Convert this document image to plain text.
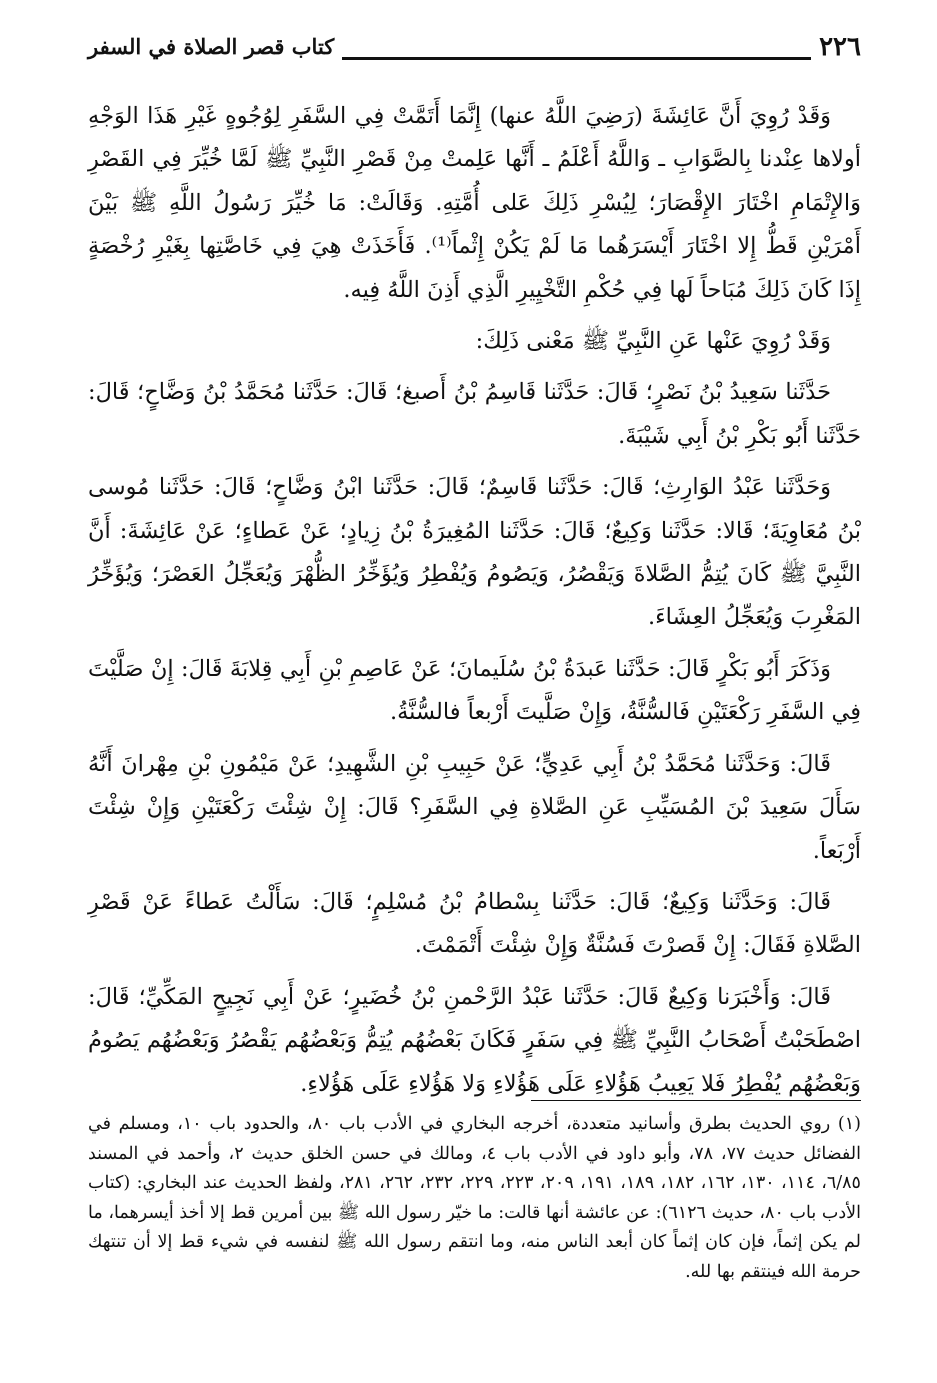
٢٢٦
كتاب قصر الصلاة في السفر

وَقَدْ رُوِيَ أَنَّ عَائِشَةَ (رَضِيَ اللَّهُ عنها) إِنَّمَا أَتَمَّتْ فِي السَّفَرِ لِوُجُوهٍ غَيْرِ هَذَا الوَجْهِ أولاها عِنْدنا بِالصَّوَابِ ـ وَاللَّهُ أَعْلَمُ ـ أَنَّها عَلِمتْ مِنْ قَصْرِ النَّبِيِّ ﷺ لَمَّا خُيِّرَ فِي القَصْرِ وَالإِتْمَامِ اخْتَارَ الإِقْصَارَ؛ لِيُسْرِ ذَلِكَ عَلى أُمَّتِهِ. وَقَالَتْ: مَا خُيِّرَ رَسُولُ اللَّهِ ﷺ بَيْنَ أَمْرَيْنِ قَطُّ إِلا اخْتَارَ أَيْسَرَهُما مَا لَمْ يَكُنْ إِثْماً⁽¹⁾. فَأَخَذَتْ هِيَ فِي خَاصَّتِها بِغَيْرِ رُخْصَةٍ إِذَا كَانَ ذَلِكَ مُبَاحاً لَها فِي حُكْمِ التَّخْيِيرِ الَّذِي أَذِنَ اللَّهُ فِيه.

وَقَدْ رُوِيَ عَنْها عَنِ النَّبِيِّ ﷺ مَعْنى ذَلِكَ:

حَدَّثَنا سَعِيدُ بْنُ نَصْرٍ؛ قَالَ: حَدَّثَنا قَاسِمُ بْنُ أَصبغ؛ قَالَ: حَدَّثَنا مُحَمَّدُ بْنُ وَضَّاحٍ؛ قَالَ: حَدَّثَنا أَبُو بَكْرِ بْنُ أَبِي شَيْبَةَ.

وَحَدَّثَنا عَبْدُ الوَارِثِ؛ قَالَ: حَدَّثَنا قَاسِمٌ؛ قَالَ: حَدَّثَنا ابْنُ وَضَّاحٍ؛ قَالَ: حَدَّثَنا مُوسى بْنُ مُعَاوِيَةَ؛ قَالا: حَدَّثَنا وَكِيعٌ؛ قَالَ: حَدَّثَنا المُغِيرَةُ بْنُ زِيادٍ؛ عَنْ عَطاءٍ؛ عَنْ عَائِشَةَ: أَنَّ النَّبِيَّ ﷺ كَانَ يُتِمُّ الصَّلاةَ وَيَقْصُرُ، وَيَصُومُ وَيُفْطِرُ وَيُؤَخِّرُ الظُّهْرَ وَيُعَجِّلُ العَصْرَ؛ وَيُؤَخِّرُ المَغْرِبَ وَيُعَجِّلُ العِشَاءَ.

وَذَكَرَ أَبُو بَكْرٍ قَالَ: حَدَّثَنا عَبدَةُ بْنُ سُلَيمانَ؛ عَنْ عَاصِمِ بْنِ أَبِي قِلابَةَ قَالَ: إِنْ صَلَّيْتَ فِي السَّفَرِ رَكْعَتَيْنِ فَالسُّنَّةُ، وَإِنْ صَلَّيتَ أَرْبعاً فالسُّنَّةُ.

قَالَ: وَحَدَّثَنا مُحَمَّدُ بْنُ أَبِي عَدِيٍّ؛ عَنْ حَبِيبِ بْنِ الشَّهِيدِ؛ عَنْ مَيْمُونِ بْنِ مِهْرانَ أَنَّهُ سَأَلَ سَعِيدَ بْنَ المُسَيِّبِ عَنِ الصَّلاةِ فِي السَّفَرِ؟ قَالَ: إِنْ شِئْتَ رَكْعَتَيْنِ وَإِنْ شِئْتَ أَرْبَعاً.

قَالَ: وَحَدَّثَنا وَكِيعٌ؛ قَالَ: حَدَّثَنا بِسْطامُ بْنُ مُسْلِمٍ؛ قَالَ: سَأَلْتُ عَطاءً عَنْ قَصْرِ الصَّلاةِ فَقَالَ: إِنْ قَصرْتَ فَسُنَّةٌ وَإِنْ شِئْتَ أَتْمَمْتَ.

قَالَ: وَأَخْبَرَنا وَكِيعٌ قَالَ: حَدَّثَنا عَبْدُ الرَّحْمنِ بْنُ خُضَيرٍ؛ عَنْ أَبِي نَجِيحٍ المَكِّيِّ؛ قَالَ: اصْطَحَبْتُ أَصْحَابُ النَّبِيِّ ﷺ فِي سَفَرٍ فَكَانَ بَعْضُهُم يُتِمُّ وَبَعْضُهُم يَقْصُرُ وَبَعْضُهُم يَصُومُ وَبَعْضُهُم يُفْطِرُ فَلا يَعِيبُ هَؤُلاءِ عَلَى هَؤُلاءِ وَلا هَؤُلاءِ عَلَى هَؤُلاءِ.

(١) روي الحديث بطرق وأسانيد متعددة، أخرجه البخاري في الأدب باب ٨٠، والحدود باب ١٠، ومسلم في الفضائل حديث ٧٧، ٧٨، وأبو داود في الأدب باب ٤، ومالك في حسن الخلق حديث ٢، وأحمد في المسند ٦/٨٥، ١١٤، ١٣٠، ١٦٢، ١٨٢، ١٨٩، ١٩١، ٢٠٩، ٢٢٣، ٢٢٩، ٢٣٢، ٢٦٢، ٢٨١، ولفظ الحديث عند البخاري: (كتاب الأدب باب ٨٠، حديث ٦١٢٦): عن عائشة أنها قالت: ما خيّر رسول الله ﷺ بين أمرين قط إلا أخذ أيسرهما، ما لم يكن إثماً، فإن كان إثماً كان أبعد الناس منه، وما انتقم رسول الله ﷺ لنفسه في شيء قط إلا أن تنتهك حرمة الله فينتقم بها لله.
